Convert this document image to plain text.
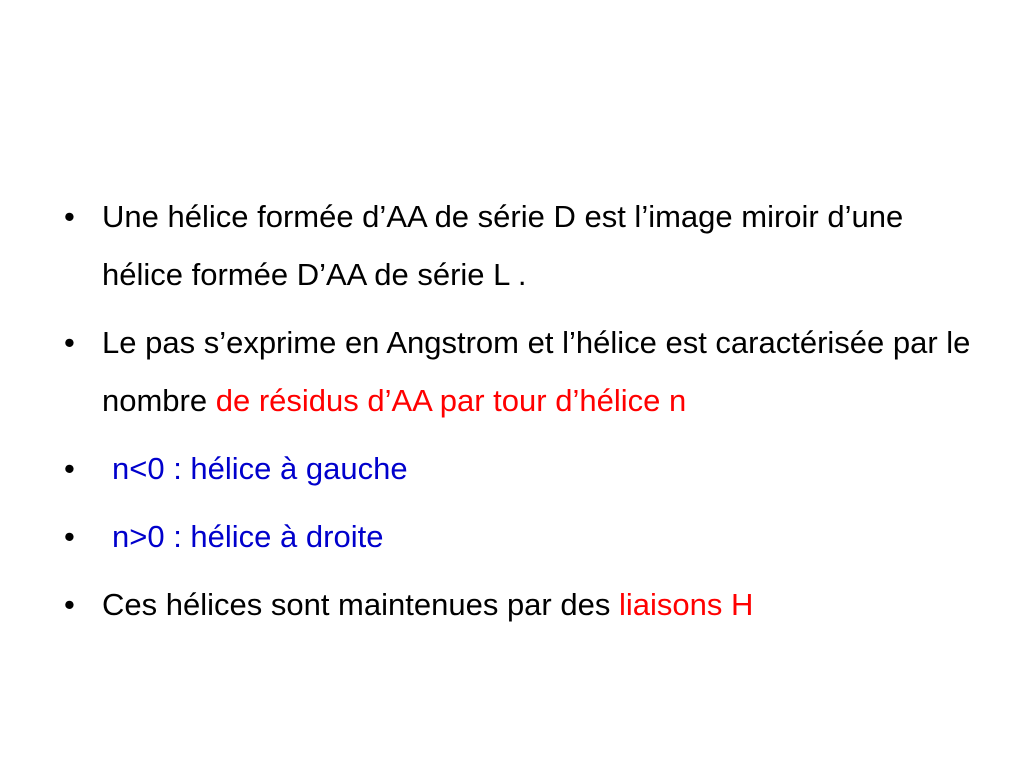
• Une hélice formée d’AA de série D est l’image miroir d’une hélice formée D’AA de série L .
• Le pas s’exprime en Angstrom et l’hélice est caractérisée par le nombre de résidus d’AA par tour d’hélice n
• n<0 : hélice à gauche
• n>0 : hélice à droite
• Ces hélices sont maintenues par des liaisons H
